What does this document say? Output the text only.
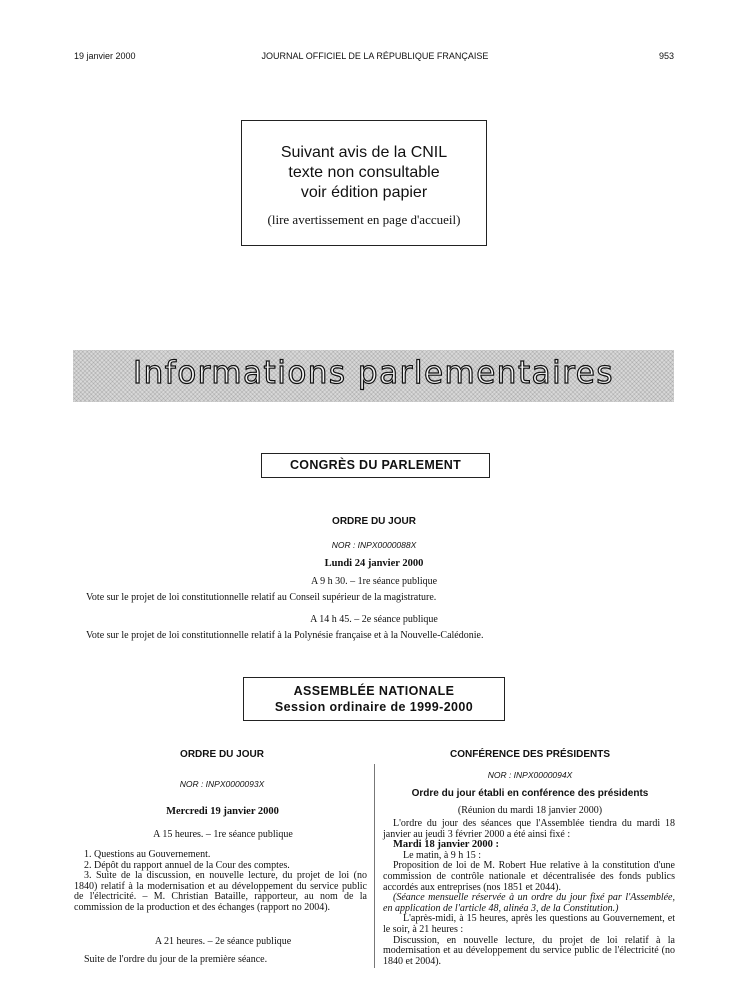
19 janvier 2000	JOURNAL OFFICIEL DE LA RÉPUBLIQUE FRANÇAISE	953
Suivant avis de la CNIL
texte non consultable
voir édition papier
(lire avertissement en page d'accueil)
Informations parlementaires
CONGRÈS DU PARLEMENT
ORDRE DU JOUR
NOR : INPX0000088X
Lundi 24 janvier 2000
A 9 h 30. – 1re séance publique
Vote sur le projet de loi constitutionnelle relatif au Conseil supérieur de la magistrature.
A 14 h 45. – 2e séance publique
Vote sur le projet de loi constitutionnelle relatif à la Polynésie française et à la Nouvelle-Calédonie.
ASSEMBLÉE NATIONALE
Session ordinaire de 1999-2000
ORDRE DU JOUR
NOR : INPX0000093X
Mercredi 19 janvier 2000
A 15 heures. – 1re séance publique
1. Questions au Gouvernement.
2. Dépôt du rapport annuel de la Cour des comptes.
3. Suite de la discussion, en nouvelle lecture, du projet de loi (no 1840) relatif à la modernisation et au développement du service public de l'électricité. – M. Christian Bataille, rapporteur, au nom de la commission de la production et des échanges (rapport no 2004).
A 21 heures. – 2e séance publique
Suite de l'ordre du jour de la première séance.
CONFÉRENCE DES PRÉSIDENTS
NOR : INPX0000094X
Ordre du jour établi en conférence des présidents
(Réunion du mardi 18 janvier 2000)
L'ordre du jour des séances que l'Assemblée tiendra du mardi 18 janvier au jeudi 3 février 2000 a été ainsi fixé :
Mardi 18 janvier 2000 :
Le matin, à 9 h 15 :
Proposition de loi de M. Robert Hue relative à la constitution d'une commission de contrôle nationale et décentralisée des fonds publics accordés aux entreprises (nos 1851 et 2044).
(Séance mensuelle réservée à un ordre du jour fixé par l'Assemblée, en application de l'article 48, alinéa 3, de la Constitution.)
L'après-midi, à 15 heures, après les questions au Gouvernement, et le soir, à 21 heures :
Discussion, en nouvelle lecture, du projet de loi relatif à la modernisation et au développement du service public de l'électricité (no 1840 et 2004).
